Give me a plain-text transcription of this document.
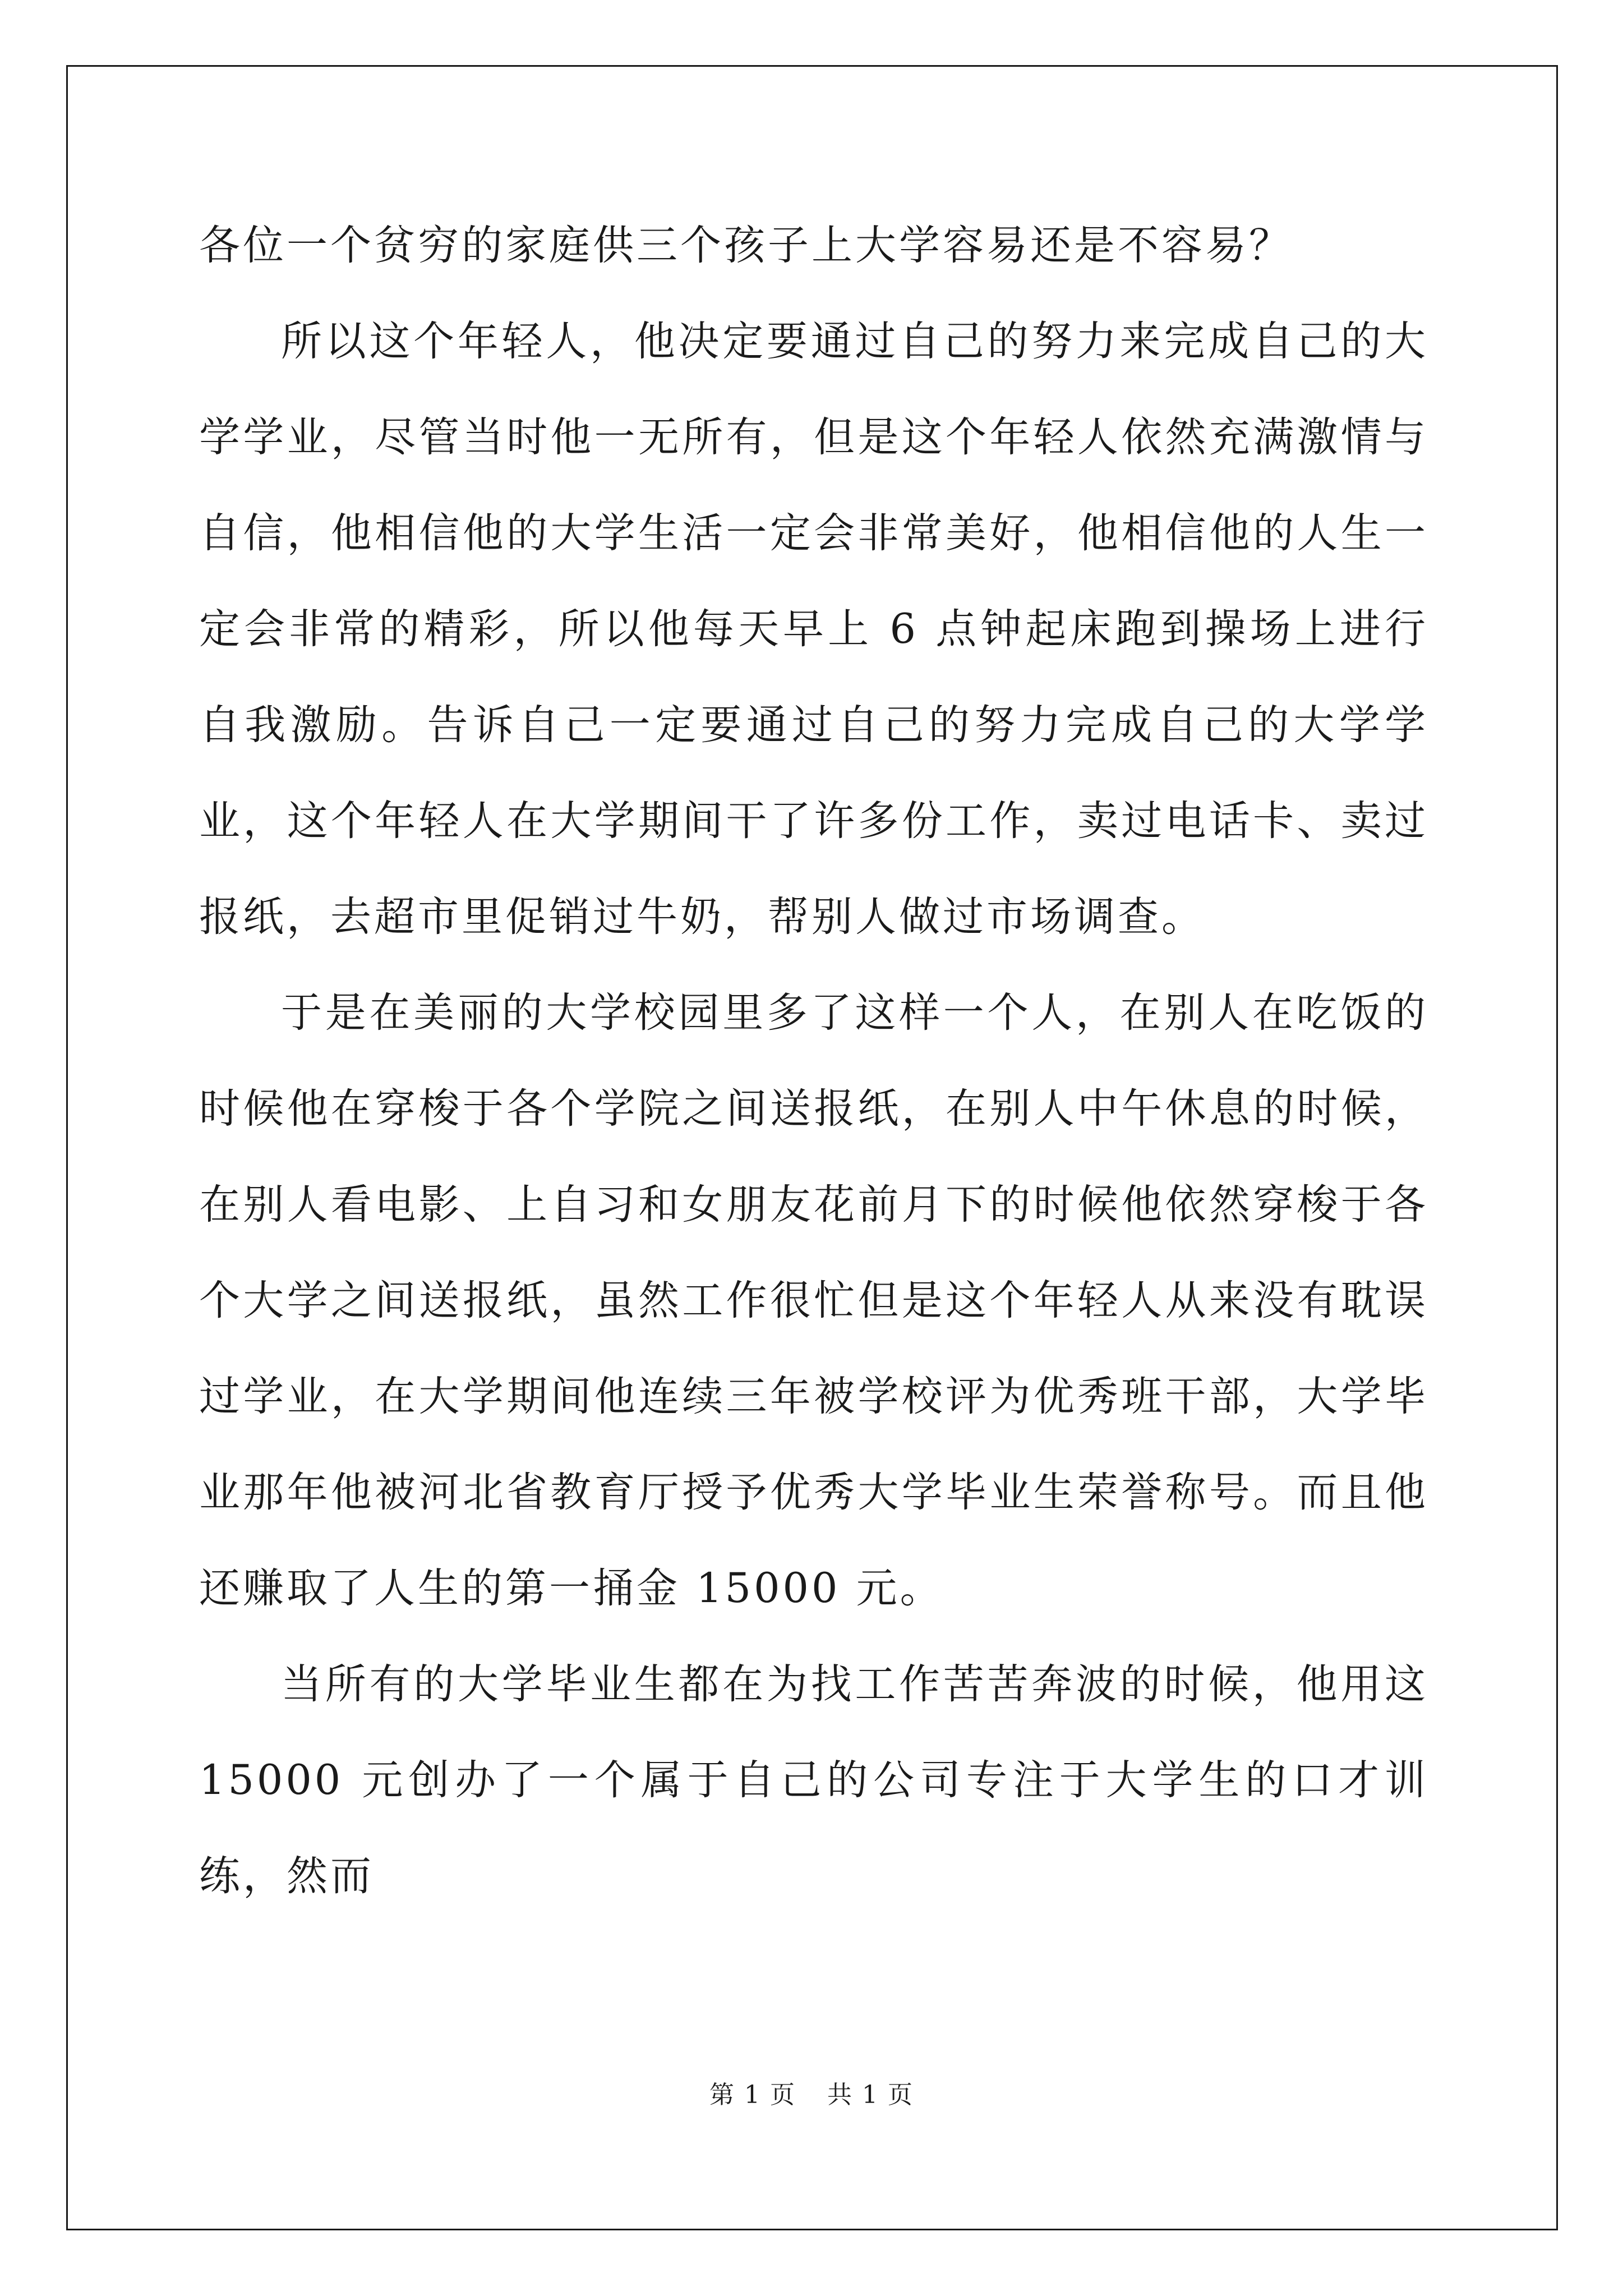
各位一个贫穷的家庭供三个孩子上大学容易还是不容易？

所以这个年轻人，他决定要通过自己的努力来完成自己的大学学业，尽管当时他一无所有，但是这个年轻人依然充满激情与自信，他相信他的大学生活一定会非常美好，他相信他的人生一定会非常的精彩，所以他每天早上 6 点钟起床跑到操场上进行自我激励。告诉自己一定要通过自己的努力完成自己的大学学业，这个年轻人在大学期间干了许多份工作，卖过电话卡、卖过报纸，去超市里促销过牛奶，帮别人做过市场调查。

于是在美丽的大学校园里多了这样一个人，在别人在吃饭的时候他在穿梭于各个学院之间送报纸，在别人中午休息的时候，在别人看电影、上自习和女朋友花前月下的时候他依然穿梭于各个大学之间送报纸，虽然工作很忙但是这个年轻人从来没有耽误过学业，在大学期间他连续三年被学校评为优秀班干部，大学毕业那年他被河北省教育厅授予优秀大学毕业生荣誉称号。而且他还赚取了人生的第一捅金 15000 元。

当所有的大学毕业生都在为找工作苦苦奔波的时候，他用这 15000 元创办了一个属于自己的公司专注于大学生的口才训练，然而

第 1 页 共 1 页
